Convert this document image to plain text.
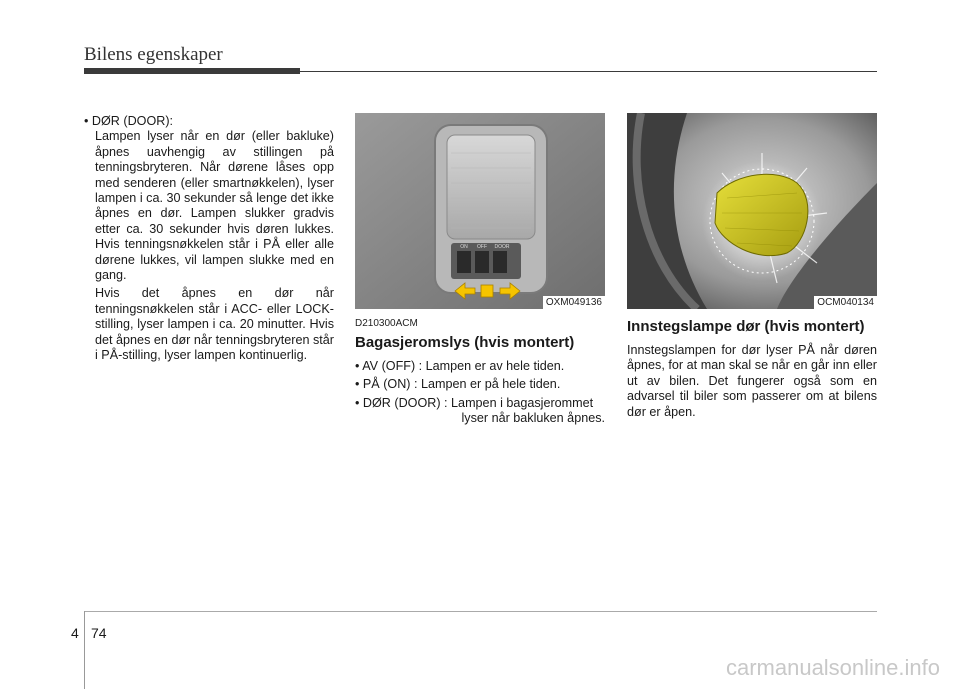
Bilens egenskaper

• DØR (DOOR):

Lampen lyser når en dør (eller bakluke) åpnes uavhengig av stillingen på tenningsbryteren. Når dørene låses opp med senderen (eller smartnøkkelen), lyser lampen i ca. 30 sekunder så lenge det ikke åpnes en dør. Lampen slukker gradvis etter ca. 30 sekunder hvis døren lukkes. Hvis tenningsnøkkelen står i PÅ eller alle dørene lukkes, vil lampen slukke med en gang.

Hvis det åpnes en dør når tenningsnøkkelen står i ACC- eller LOCK-stilling, lyser lampen i ca. 20 minutter. Hvis det åpnes en dør når tenningsbryteren står i PÅ-stilling, lyser lampen kontinuerlig.

ON OFF DOOR
OXM049136	OCM040134
D210300ACM
Bagasjeromslys (hvis montert)
• AV (OFF) : Lampen er av hele tiden.
• PÅ (ON) : Lampen er på hele tiden.
• DØR (DOOR) : Lampen i bagasjerommet
lyser når bakluken åpnes.
Innstegslampe dør (hvis montert)
Innstegslampen for dør lyser PÅ når døren åpnes, for at man skal se når en går inn eller ut av bilen. Det fungerer også som en advarsel til biler som passerer om at bilens dør er åpen.
4 74
carmanualsonline.info
